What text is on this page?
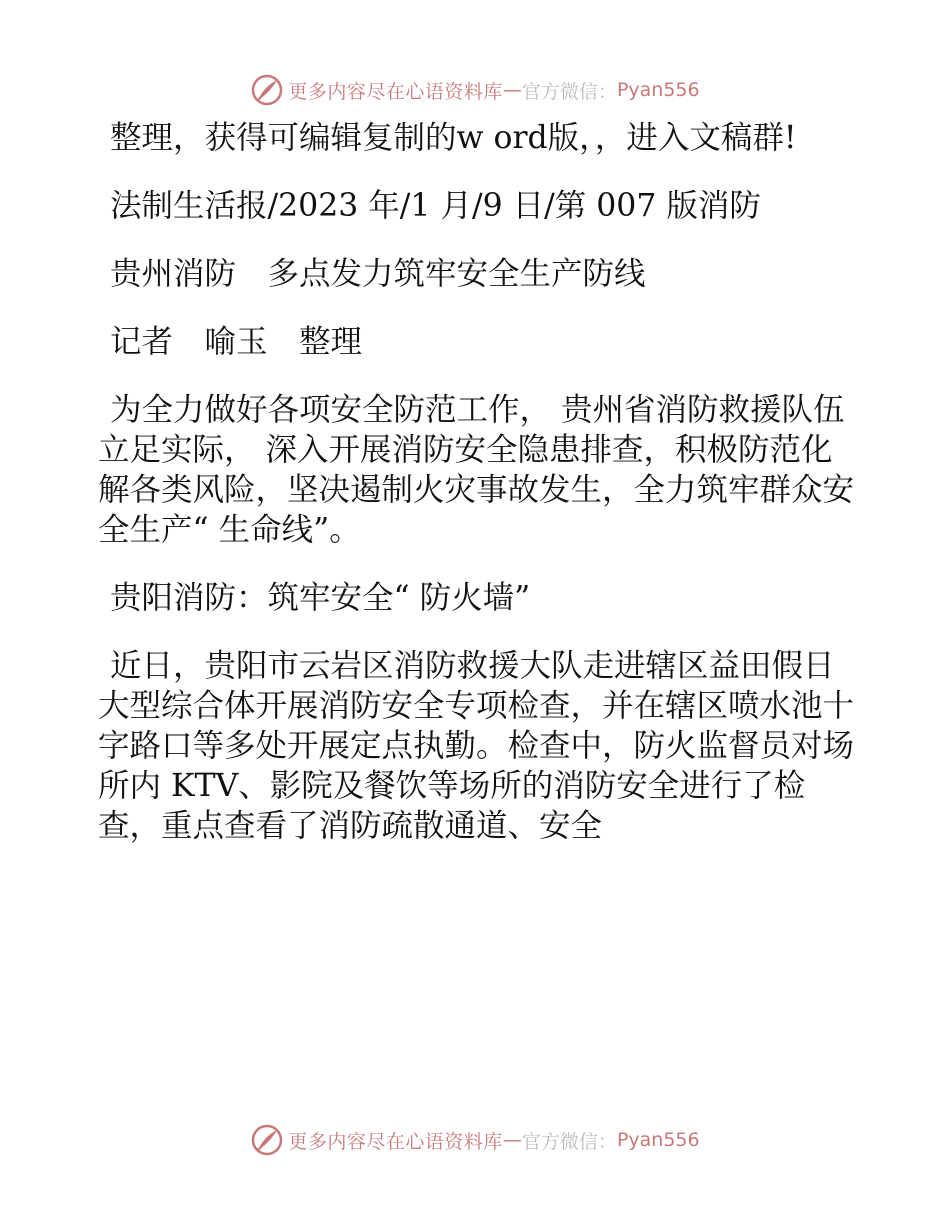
更多内容尽在心语资料库 — 官方微信： Pyan556

整理，获得可编辑复制的w ord版，，进入文稿群!

法制生活报/2023 年/1 月/9 日/第 007 版消防

贵州消防　多点发力筑牢安全生产防线

记者　喻玉　整理

为全力做好各项安全防范工作， 贵州省消防救援队伍立足实际， 深入开展消防安全隐患排查，积极防范化解各类风险，坚决遏制火灾事故发生，全力筑牢群众安全生产“ 生命线”。

贵阳消防：筑牢安全“ 防火墙”

近日，贵阳市云岩区消防救援大队走进辖区益田假日大型综合体开展消防安全专项检查，并在辖区喷水池十字路口等多处开展定点执勤。检查中，防火监督员对场所内 KTV、影院及餐饮等场所的消防安全进行了检查，重点查看了消防疏散通道、安全

更多内容尽在心语资料库 — 官方微信： Pyan556
